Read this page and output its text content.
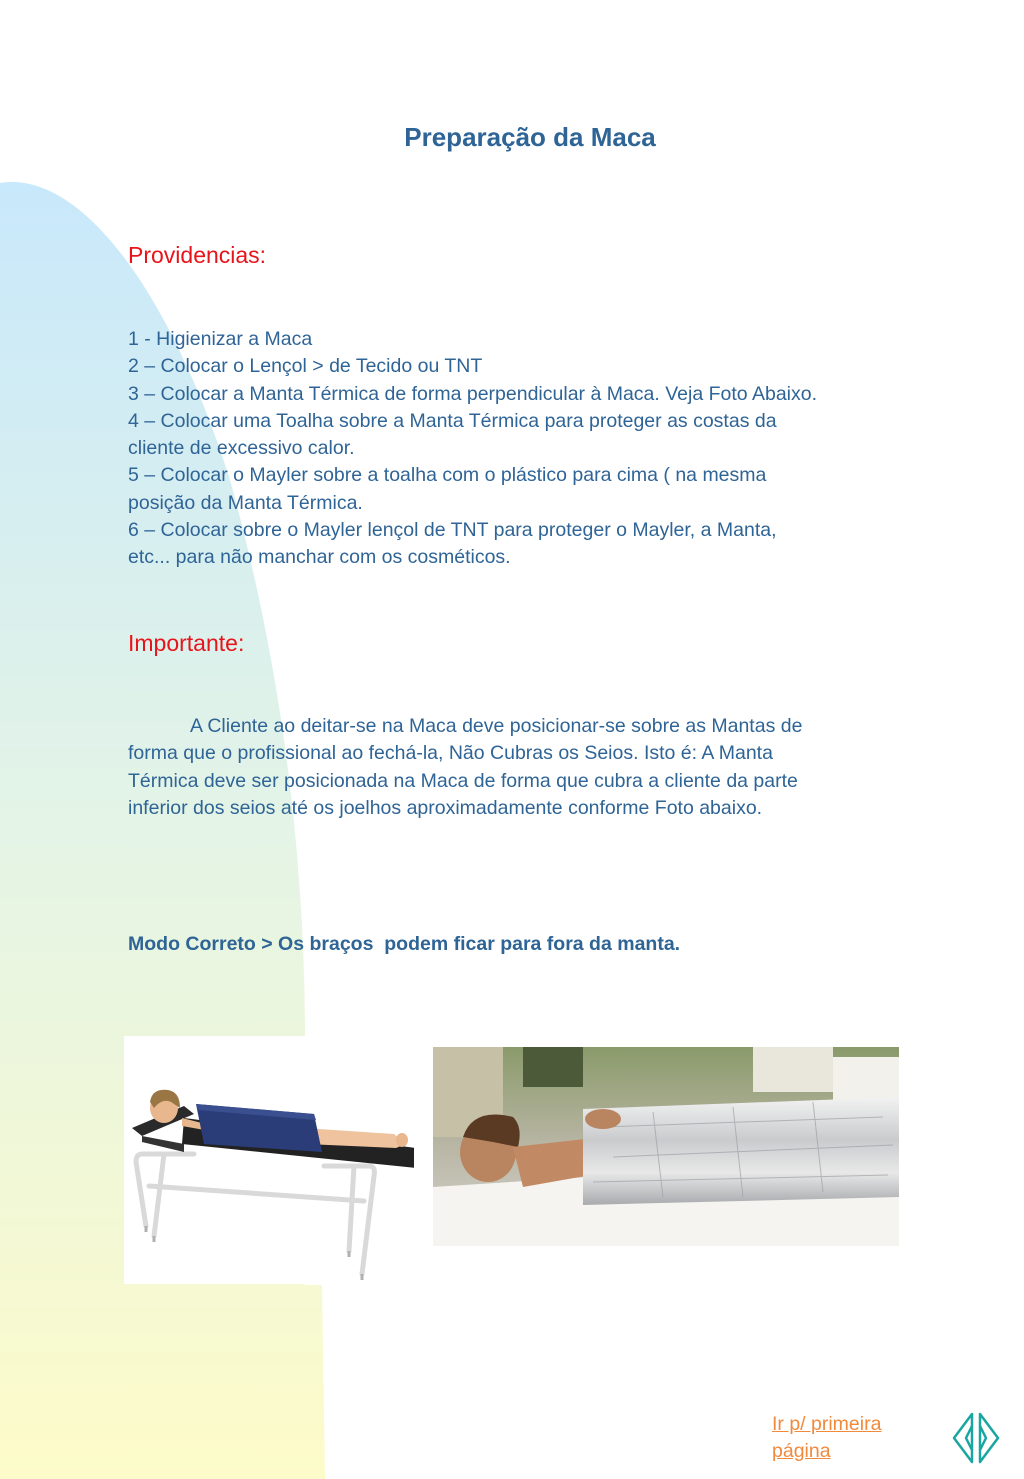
Preparação da Maca
Providencias:
1 - Higienizar a Maca
2 – Colocar o Lençol > de Tecido ou TNT
3 – Colocar a Manta Térmica de forma perpendicular à Maca. Veja Foto Abaixo.
4 – Colocar uma Toalha sobre a Manta Térmica para proteger as costas da
cliente de excessivo calor.
5 – Colocar o Mayler sobre a toalha com o plástico para cima ( na mesma
posição da Manta Térmica.
6 – Colocar sobre o Mayler lençol de TNT para proteger o Mayler, a Manta,
etc... para não manchar com os cosméticos.
Importante:
A Cliente ao deitar-se na Maca deve posicionar-se sobre as Mantas de
forma que o profissional ao fechá-la, Não Cubras os Seios. Isto é: A Manta
Térmica deve ser posicionada na Maca de forma que cubra a cliente da parte
inferior dos seios até os joelhos aproximadamente conforme Foto abaixo.
Modo Correto > Os braços  podem ficar para fora da manta.
Ir p/ primeira página
